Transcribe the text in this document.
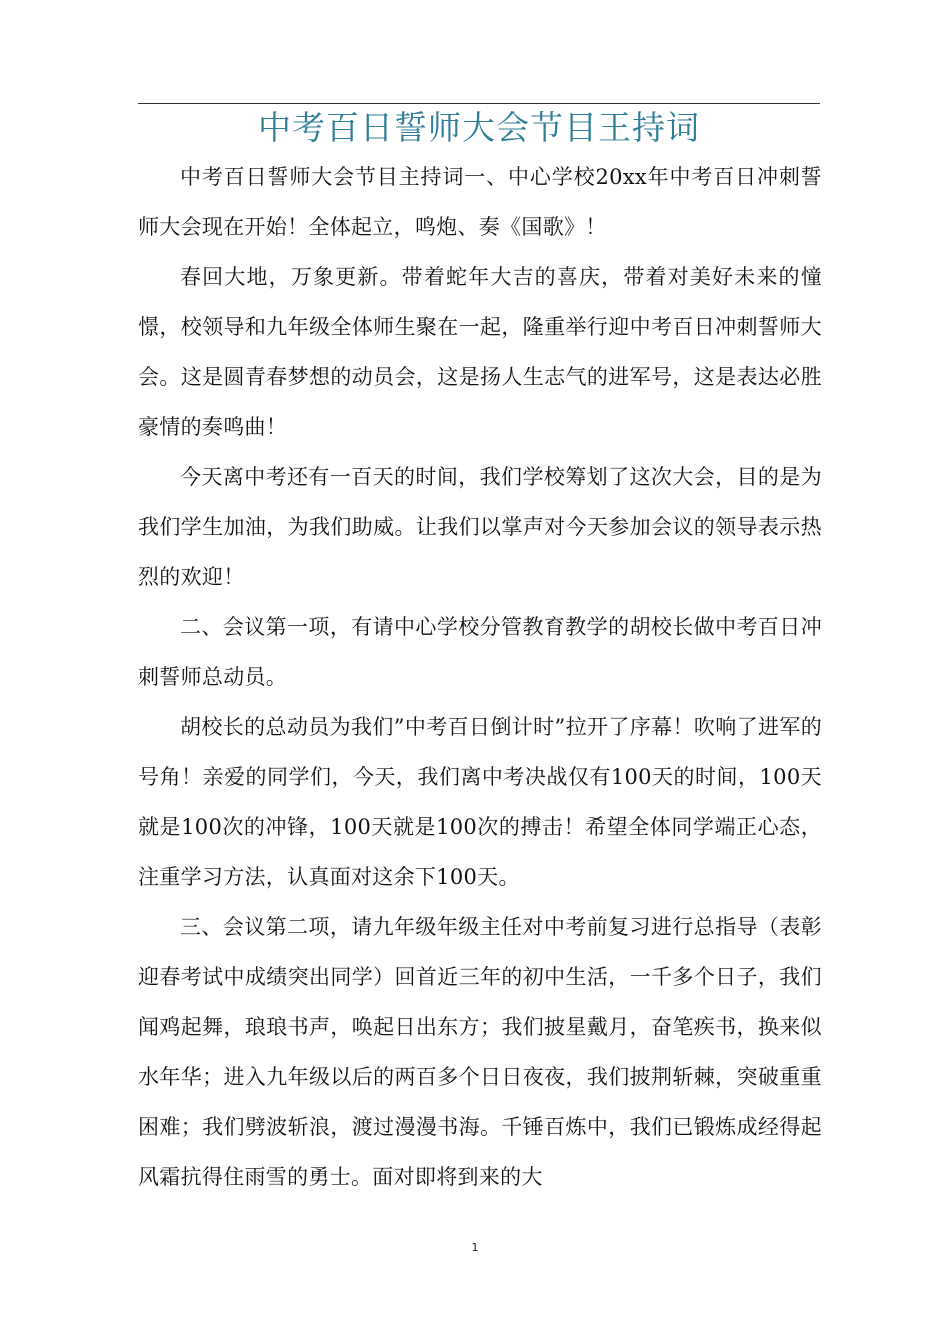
中考百日誓师大会节目王持词

中考百日誓师大会节目主持词一、中心学校20xx年中考百日冲刺誓师大会现在开始！全体起立，鸣炮、奏《国歌》！

春回大地，万象更新。带着蛇年大吉的喜庆，带着对美好未来的憧憬，校领导和九年级全体师生聚在一起，隆重举行迎中考百日冲刺誓师大会。这是圆青春梦想的动员会，这是扬人生志气的进军号，这是表达必胜豪情的奏鸣曲！

今天离中考还有一百天的时间，我们学校筹划了这次大会，目的是为我们学生加油，为我们助威。让我们以掌声对今天参加会议的领导表示热烈的欢迎！

二、会议第一项，有请中心学校分管教育教学的胡校长做中考百日冲刺誓师总动员。

胡校长的总动员为我们”中考百日倒计时”拉开了序幕！吹响了进军的号角！亲爱的同学们，今天，我们离中考决战仅有100天的时间，100天就是100次的冲锋，100天就是100次的搏击！希望全体同学端正心态，注重学习方法，认真面对这余下100天。

三、会议第二项，请九年级年级主任对中考前复习进行总指导（表彰迎春考试中成绩突出同学）回首近三年的初中生活，一千多个日子，我们闻鸡起舞，琅琅书声，唤起日出东方；我们披星戴月，奋笔疾书，换来似水年华；进入九年级以后的两百多个日日夜夜，我们披荆斩棘，突破重重困难；我们劈波斩浪，渡过漫漫书海。千锤百炼中，我们已锻炼成经得起风霜抗得住雨雪的勇士。面对即将到来的大

1
